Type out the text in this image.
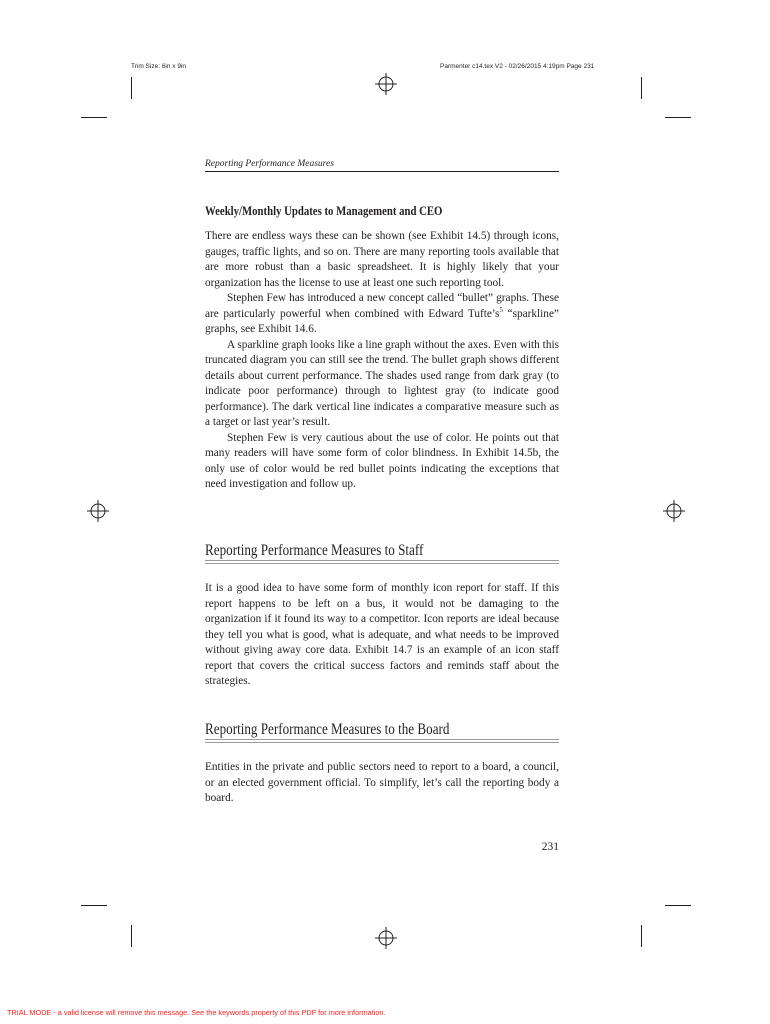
Trim Size: 6in x 9in	Parmenter c14.tex V2 - 02/26/2015 4:19pm Page 231
Reporting Performance Measures
Weekly/Monthly Updates to Management and CEO

There are endless ways these can be shown (see Exhibit 14.5) through icons, gauges, traffic lights, and so on. There are many reporting tools available that are more robust than a basic spreadsheet. It is highly likely that your organization has the license to use at least one such reporting tool.

Stephen Few has introduced a new concept called “bullet” graphs. These are particularly powerful when combined with Edward $Tufte’s^5$ “sparkline” graphs, see Exhibit 14.6.

A sparkline graph looks like a line graph without the axes. Even with this truncated diagram you can still see the trend. The bullet graph shows different details about current performance. The shades used range from dark gray (to indicate poor performance) through to lightest gray (to indicate good performance). The dark vertical line indicates a comparative measure such as a target or last year’s result.

Stephen Few is very cautious about the use of color. He points out that many readers will have some form of color blindness. In Exhibit 14.5b, the only use of color would be red bullet points indicating the exceptions that need investigation and follow up.

Reporting Performance Measures to Staff

It is a good idea to have some form of monthly icon report for staff. If this report happens to be left on a bus, it would not be damaging to the organization if it found its way to a competitor. Icon reports are ideal because they tell you what is good, what is adequate, and what needs to be improved without giving away core data. Exhibit 14.7 is an example of an icon staff report that covers the critical success factors and reminds staff about the strategies.

Reporting Performance Measures to the Board

Entities in the private and public sectors need to report to a board, a council, or an elected government official. To simplify, let’s call the reporting body a board.

231
TRIAL MODE - a valid license will remove this message. See the keywords property of this PDF for more information.
